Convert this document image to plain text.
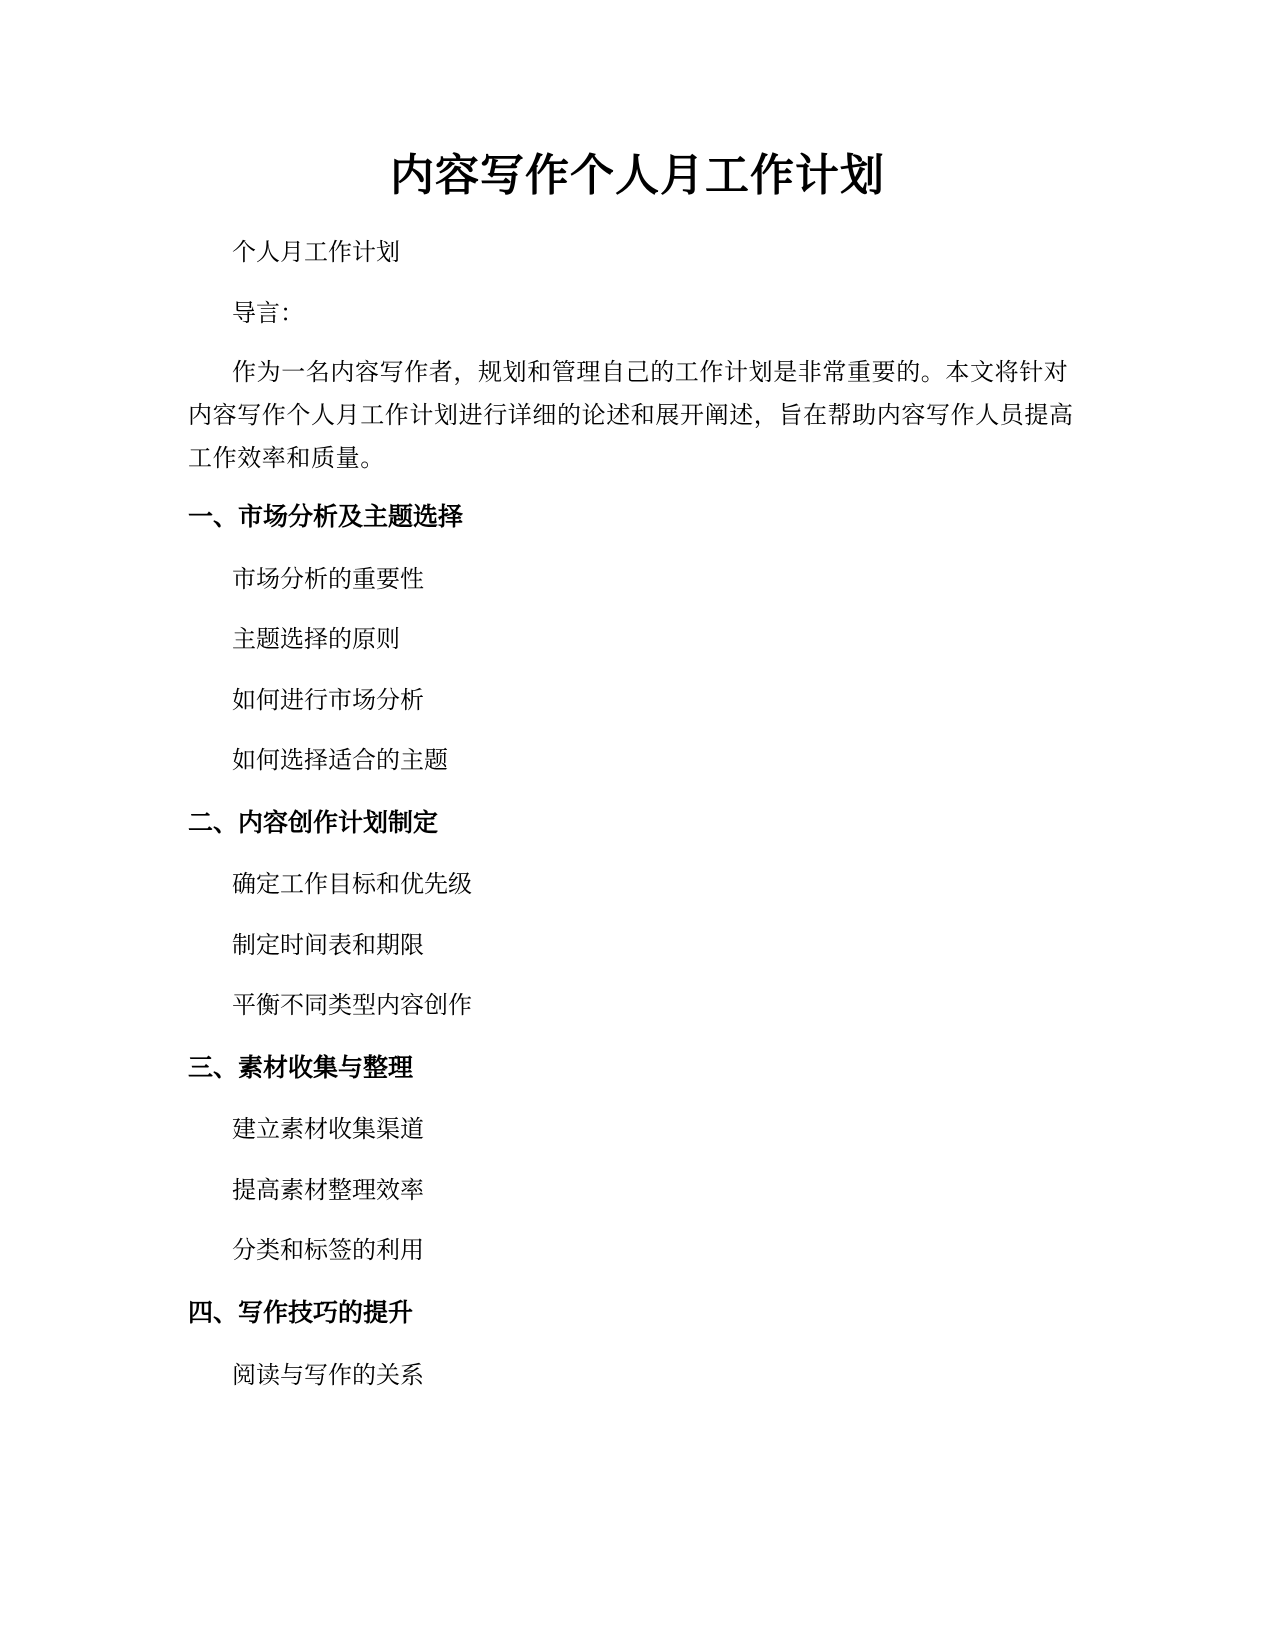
内容写作个人月工作计划

个人月工作计划

导言：

作为一名内容写作者，规划和管理自己的工作计划是非常重要的。本文将针对内容写作个人月工作计划进行详细的论述和展开阐述，旨在帮助内容写作人员提高工作效率和质量。

一、市场分析及主题选择

市场分析的重要性

主题选择的原则

如何进行市场分析

如何选择适合的主题

二、内容创作计划制定

确定工作目标和优先级

制定时间表和期限

平衡不同类型内容创作

三、素材收集与整理

建立素材收集渠道

提高素材整理效率

分类和标签的利用

四、写作技巧的提升

阅读与写作的关系
